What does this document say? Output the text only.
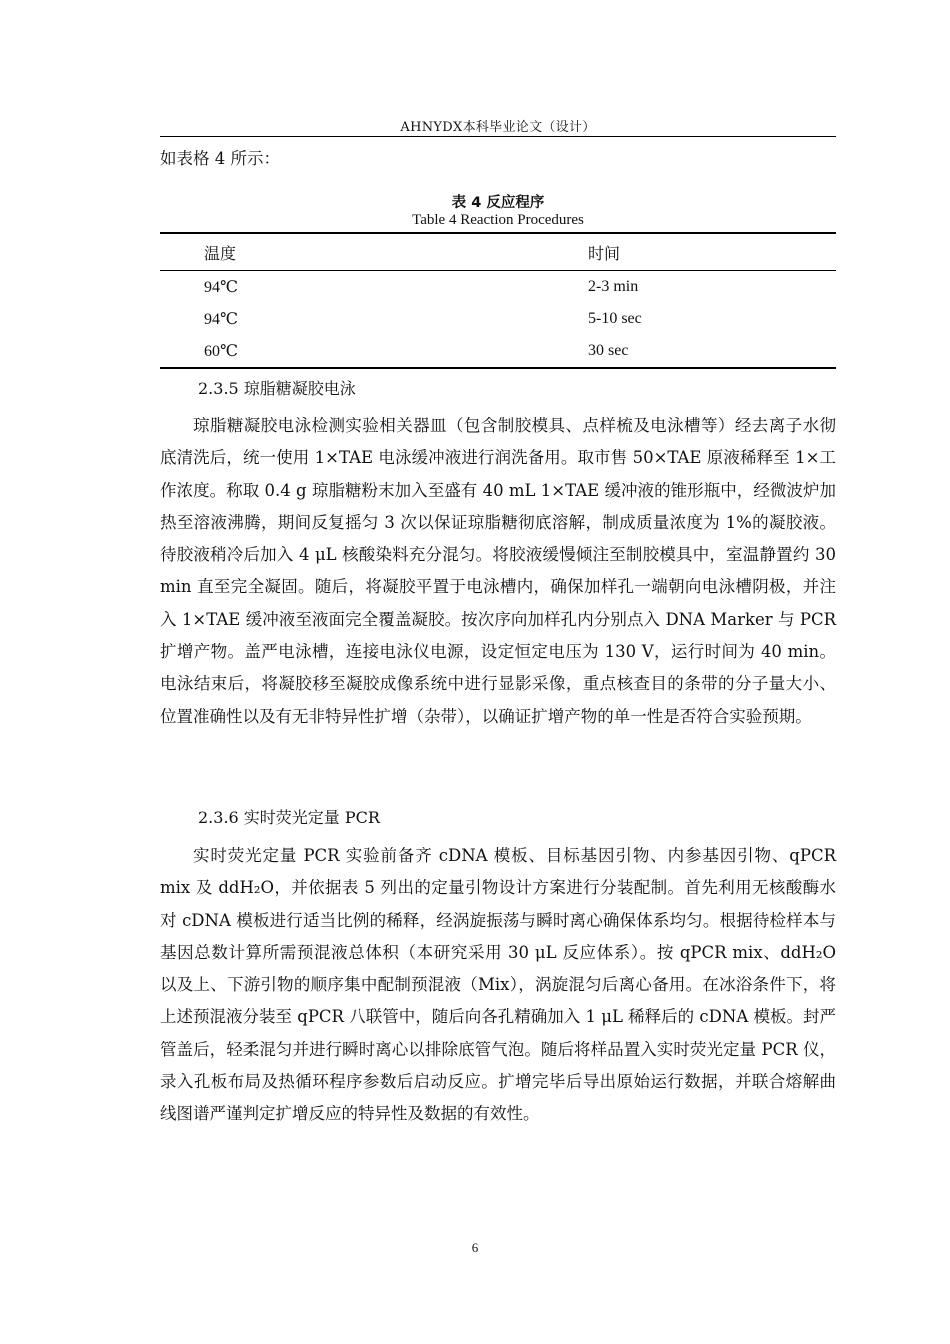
AHNYDX本科毕业论文（设计）
如表格 4 所示：
表 4 反应程序
Table 4 Reaction Procedures
温度	时间
94℃	2-3 min
94℃	5-10 sec
60℃	30 sec
2.3.5 琼脂糖凝胶电泳

琼脂糖凝胶电泳检测实验相关器皿（包含制胶模具、点样梳及电泳槽等）经去离子水彻底清洗后，统一使用 1×TAE 电泳缓冲液进行润洗备用。取市售 50×TAE 原液稀释至 1×工作浓度。称取 0.4 g 琼脂糖粉末加入至盛有 40 mL 1×TAE 缓冲液的锥形瓶中，经微波炉加热至溶液沸腾，期间反复摇匀 3 次以保证琼脂糖彻底溶解，制成质量浓度为 1%的凝胶液。待胶液稍冷后加入 4 μL 核酸染料充分混匀。将胶液缓慢倾注至制胶模具中，室温静置约 30 min 直至完全凝固。随后，将凝胶平置于电泳槽内，确保加样孔一端朝向电泳槽阴极，并注入 1×TAE 缓冲液至液面完全覆盖凝胶。按次序向加样孔内分别点入 DNA Marker 与 PCR 扩增产物。盖严电泳槽，连接电泳仪电源，设定恒定电压为 130 V，运行时间为 40 min。电泳结束后，将凝胶移至凝胶成像系统中进行显影采像，重点核查目的条带的分子量大小、位置准确性以及有无非特异性扩增（杂带），以确证扩增产物的单一性是否符合实验预期。

2.3.6 实时荧光定量 PCR

实时荧光定量 PCR 实验前备齐 cDNA 模板、目标基因引物、内参基因引物、qPCR mix 及 ddH₂O，并依据表 5 列出的定量引物设计方案进行分装配制。首先利用无核酸酶水对 cDNA 模板进行适当比例的稀释，经涡旋振荡与瞬时离心确保体系均匀。根据待检样本与基因总数计算所需预混液总体积（本研究采用 30 μL 反应体系）。按 qPCR mix、ddH₂O 以及上、下游引物的顺序集中配制预混液（Mix），涡旋混匀后离心备用。在冰浴条件下，将上述预混液分装至 qPCR 八联管中，随后向各孔精确加入 1 μL 稀释后的 cDNA 模板。封严管盖后，轻柔混匀并进行瞬时离心以排除底管气泡。随后将样品置入实时荧光定量 PCR 仪，录入孔板布局及热循环程序参数后启动反应。扩增完毕后导出原始运行数据，并联合熔解曲线图谱严谨判定扩增反应的特异性及数据的有效性。

6
